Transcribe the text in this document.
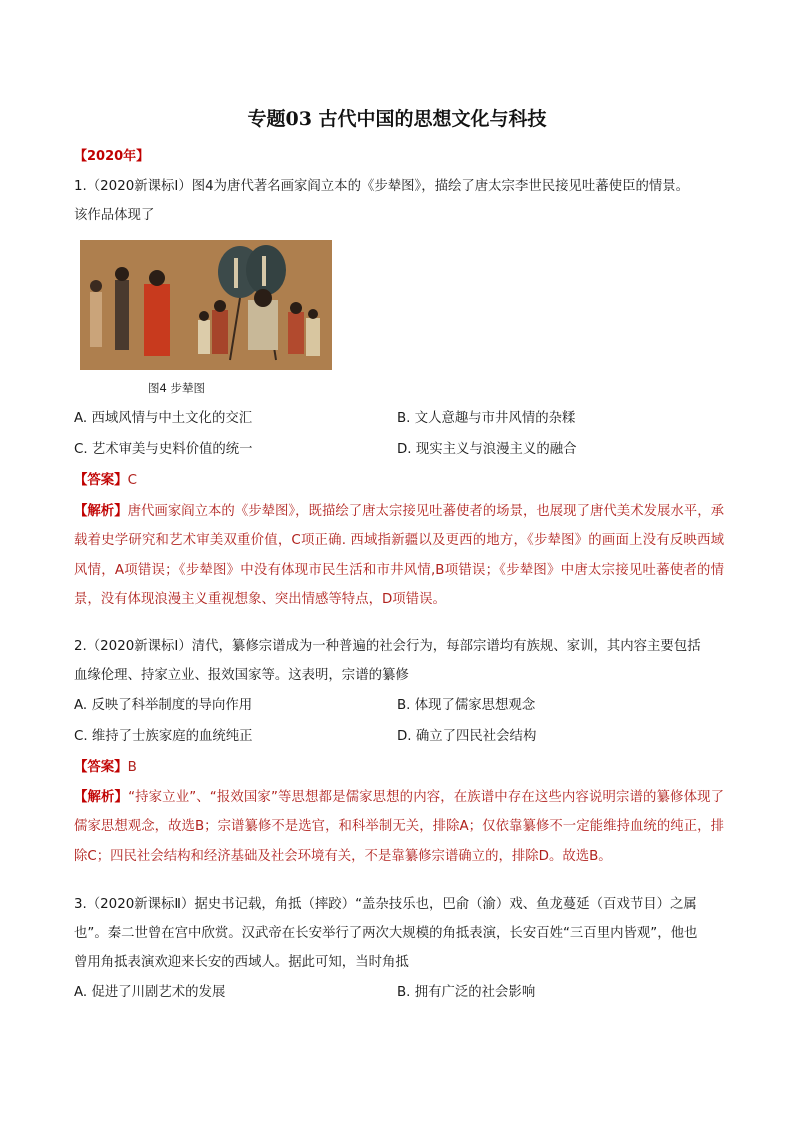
专题03 古代中国的思想文化与科技
【2020年】
1.（2020新课标Ⅰ）图4为唐代著名画家阎立本的《步辇图》，描绘了唐太宗李世民接见吐蕃使臣的情景。
该作品体现了
图4 步辇图
A. 西域风情与中土文化的交汇	B. 文人意趣与市井风情的杂糅
C. 艺术审美与史料价值的统一	D. 现实主义与浪漫主义的融合
【答案】C
【解析】唐代画家阎立本的《步辇图》，既描绘了唐太宗接见吐蕃使者的场景，也展现了唐代美术发展水平，承载着史学研究和艺术审美双重价值，C项正确. 西域指新疆以及更西的地方，《步辇图》的画面上没有反映西域风情，A项错误；《步辇图》中没有体现市民生活和市井风情,B项错误；《步辇图》中唐太宗接见吐蕃使者的情景，没有体现浪漫主义重视想象、突出情感等特点，D项错误。
2.（2020新课标Ⅰ）清代，纂修宗谱成为一种普遍的社会行为，每部宗谱均有族规、家训，其内容主要包括
血缘伦理、持家立业、报效国家等。这表明，宗谱的纂修
A. 反映了科举制度的导向作用	B. 体现了儒家思想观念
C. 维持了士族家庭的血统纯正	D. 确立了四民社会结构
【答案】B
【解析】“持家立业”、“报效国家”等思想都是儒家思想的内容，在族谱中存在这些内容说明宗谱的纂修体现了儒家思想观念，故选B；宗谱纂修不是选官，和科举制无关，排除A；仅依靠纂修不一定能维持血统的纯正，排除C；四民社会结构和经济基础及社会环境有关，不是靠纂修宗谱确立的，排除D。故选B。
3.（2020新课标Ⅱ）据史书记载，角抵（摔跤）“盖杂技乐也，巴俞（渝）戏、鱼龙蔓延（百戏节目）之属
也”。秦二世曾在宫中欣赏。汉武帝在长安举行了两次大规模的角抵表演，长安百姓“三百里内皆观”，他也
曾用角抵表演欢迎来长安的西域人。据此可知，当时角抵
A. 促进了川剧艺术的发展	B. 拥有广泛的社会影响
